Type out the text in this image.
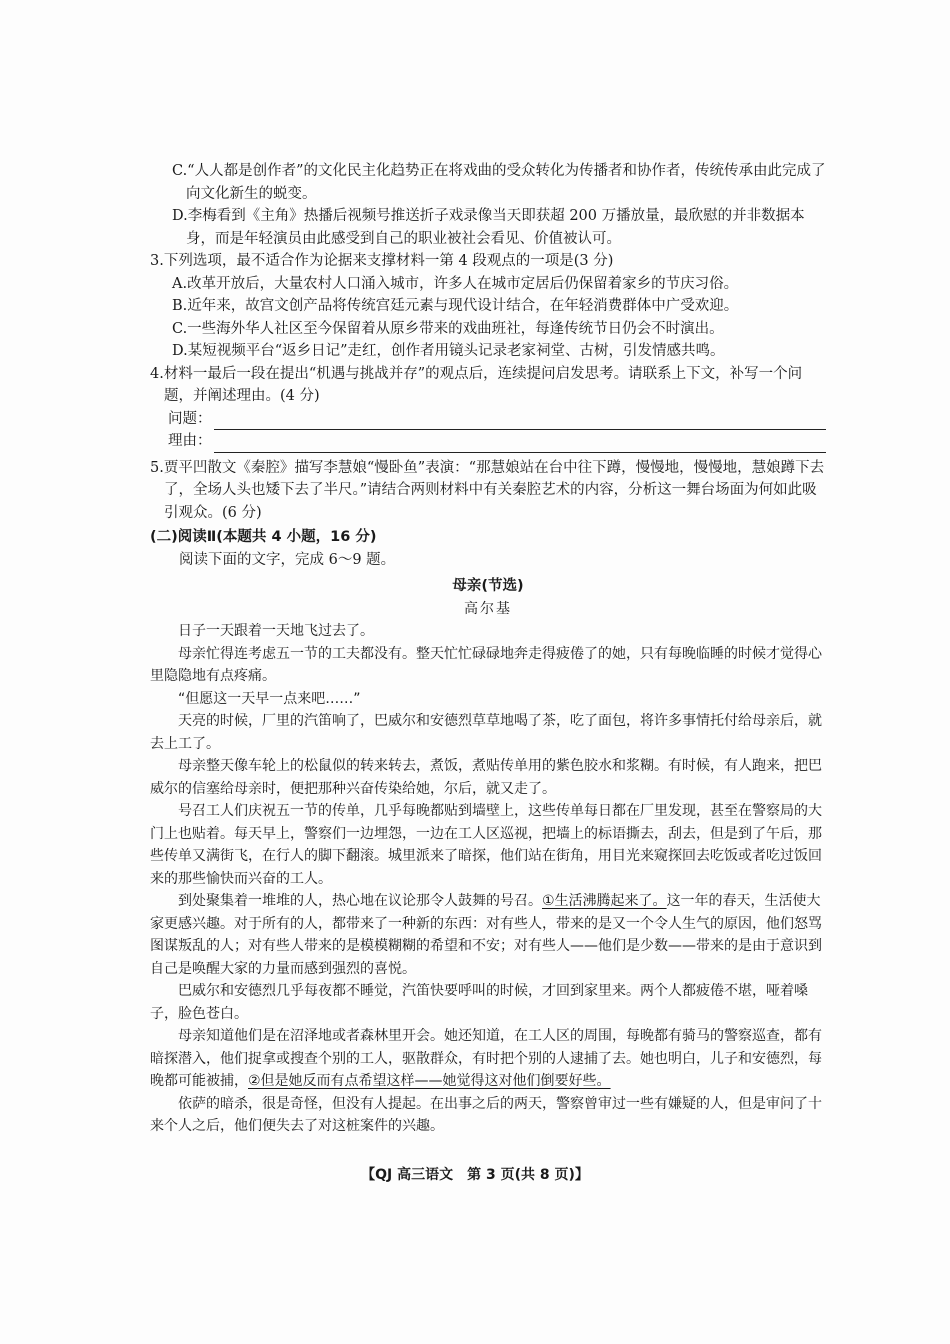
C.“人人都是创作者”的文化民主化趋势正在将戏曲的受众转化为传播者和协作者，传统传承由此完成了向文化新生的蜕变。
D.李梅看到《主角》热播后视频号推送折子戏录像当天即获超 200 万播放量，最欣慰的并非数据本身，而是年轻演员由此感受到自己的职业被社会看见、价值被认可。
3.下列选项，最不适合作为论据来支撑材料一第 4 段观点的一项是(3 分)
A.改革开放后，大量农村人口涌入城市，许多人在城市定居后仍保留着家乡的节庆习俗。
B.近年来，故宫文创产品将传统宫廷元素与现代设计结合，在年轻消费群体中广受欢迎。
C.一些海外华人社区至今保留着从原乡带来的戏曲班社，每逢传统节日仍会不时演出。
D.某短视频平台“返乡日记”走红，创作者用镜头记录老家祠堂、古树，引发情感共鸣。
4.材料一最后一段在提出“机遇与挑战并存”的观点后，连续提问启发思考。请联系上下文，补写一个问题，并阐述理由。(4 分)
问题：
理由：
5.贾平凹散文《秦腔》描写李慧娘“慢卧鱼”表演：“那慧娘站在台中往下蹲，慢慢地，慢慢地，慧娘蹲下去了，全场人头也矮下去了半尺。”请结合两则材料中有关秦腔艺术的内容，分析这一舞台场面为何如此吸引观众。(6 分)
(二)阅读Ⅱ(本题共 4 小题，16 分)
阅读下面的文字，完成 6～9 题。
母亲(节选)
高尔基

日子一天跟着一天地飞过去了。

母亲忙得连考虑五一节的工夫都没有。整天忙忙碌碌地奔走得疲倦了的她，只有每晚临睡的时候才觉得心里隐隐地有点疼痛。

“但愿这一天早一点来吧……”

天亮的时候，厂里的汽笛响了，巴威尔和安德烈草草地喝了茶，吃了面包，将许多事情托付给母亲后，就去上工了。

母亲整天像车轮上的松鼠似的转来转去，煮饭，煮贴传单用的紫色胶水和浆糊。有时候，有人跑来，把巴威尔的信塞给母亲时，便把那种兴奋传染给她，尔后，就又走了。

号召工人们庆祝五一节的传单，几乎每晚都贴到墙壁上，这些传单每日都在厂里发现，甚至在警察局的大门上也贴着。每天早上，警察们一边埋怨，一边在工人区巡视，把墙上的标语撕去，刮去，但是到了午后，那些传单又满街飞，在行人的脚下翻滚。城里派来了暗探，他们站在街角，用目光来窥探回去吃饭或者吃过饭回来的那些愉快而兴奋的工人。

到处聚集着一堆堆的人，热心地在议论那令人鼓舞的号召。①生活沸腾起来了。这一年的春天，生活使大家更感兴趣。对于所有的人，都带来了一种新的东西：对有些人，带来的是又一个令人生气的原因，他们怒骂图谋叛乱的人；对有些人带来的是模模糊糊的希望和不安；对有些人——他们是少数——带来的是由于意识到自己是唤醒大家的力量而感到强烈的喜悦。

巴威尔和安德烈几乎每夜都不睡觉，汽笛快要呼叫的时候，才回到家里来。两个人都疲倦不堪，哑着嗓子，脸色苍白。

母亲知道他们是在沼泽地或者森林里开会。她还知道，在工人区的周围，每晚都有骑马的警察巡查，都有暗探潜入，他们捉拿或搜查个别的工人，驱散群众，有时把个别的人逮捕了去。她也明白，儿子和安德烈，每晚都可能被捕，②但是她反而有点希望这样——她觉得这对他们倒要好些。

依萨的暗杀，很是奇怪，但没有人提起。在出事之后的两天，警察曾审过一些有嫌疑的人，但是审问了十来个人之后，他们便失去了对这桩案件的兴趣。

【QJ 高三语文　第 3 页(共 8 页)】
